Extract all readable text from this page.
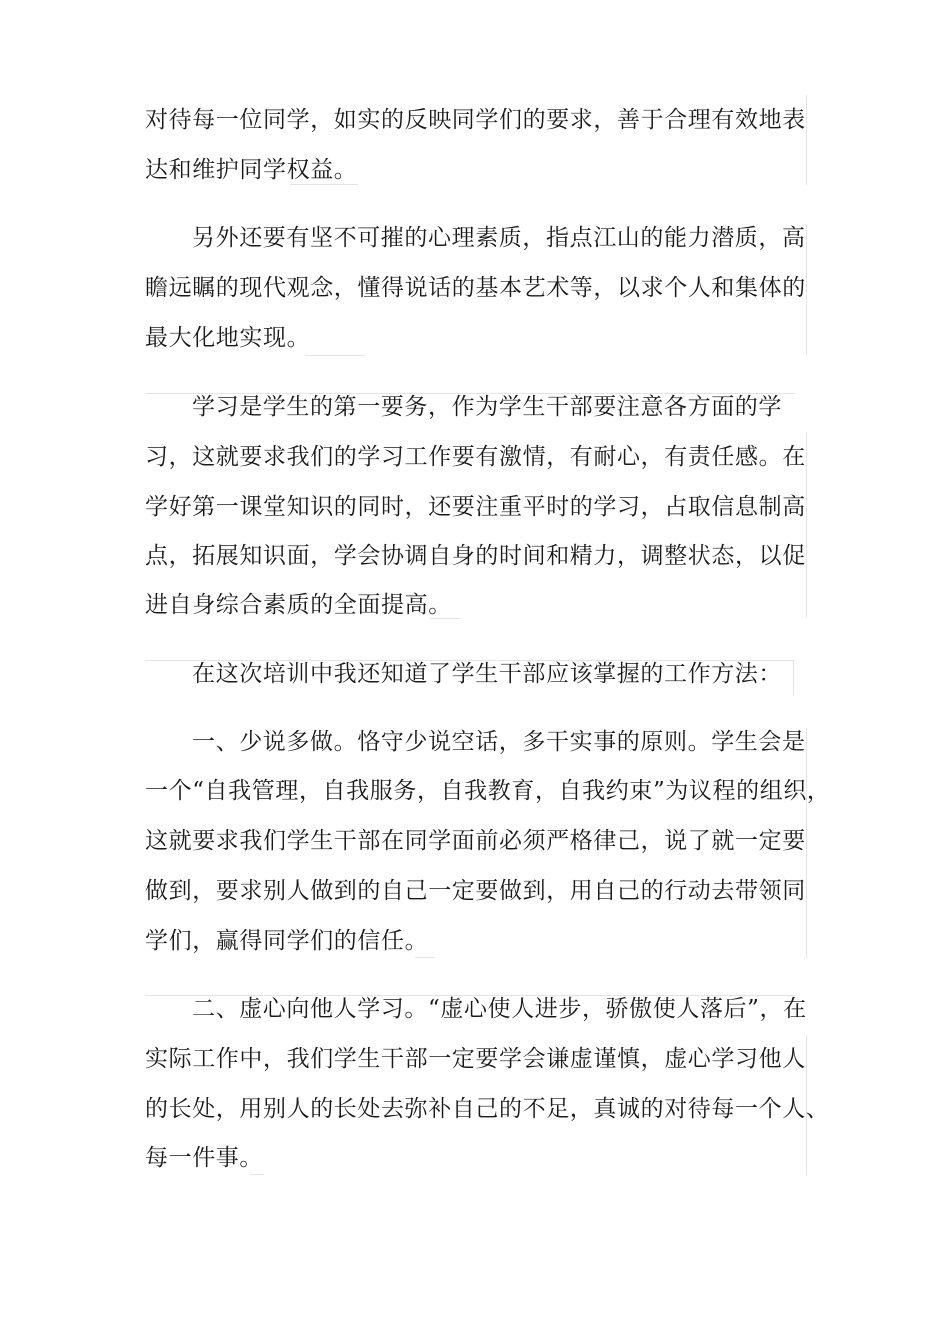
对待每一位同学，如实的反映同学们的要求，善于合理有效地表
达和维护同学权益。
另外还要有坚不可摧的心理素质，指点江山的能力潜质，高
瞻远瞩的现代观念，懂得说话的基本艺术等，以求个人和集体的
最大化地实现。
学习是学生的第一要务，作为学生干部要注意各方面的学
习，这就要求我们的学习工作要有激情，有耐心，有责任感。在
学好第一课堂知识的同时，还要注重平时的学习，占取信息制高
点，拓展知识面，学会协调自身的时间和精力，调整状态，以促
进自身综合素质的全面提高。
在这次培训中我还知道了学生干部应该掌握的工作方法：
一、少说多做。恪守少说空话，多干实事的原则。学生会是
一个“自我管理，自我服务，自我教育，自我约束”为议程的组织，
这就要求我们学生干部在同学面前必须严格律己，说了就一定要
做到，要求别人做到的自己一定要做到，用自己的行动去带领同
学们，赢得同学们的信任。
二、虚心向他人学习。“虚心使人进步，骄傲使人落后”，在
实际工作中，我们学生干部一定要学会谦虚谨慎，虚心学习他人
的长处，用别人的长处去弥补自己的不足，真诚的对待每一个人、
每一件事。
